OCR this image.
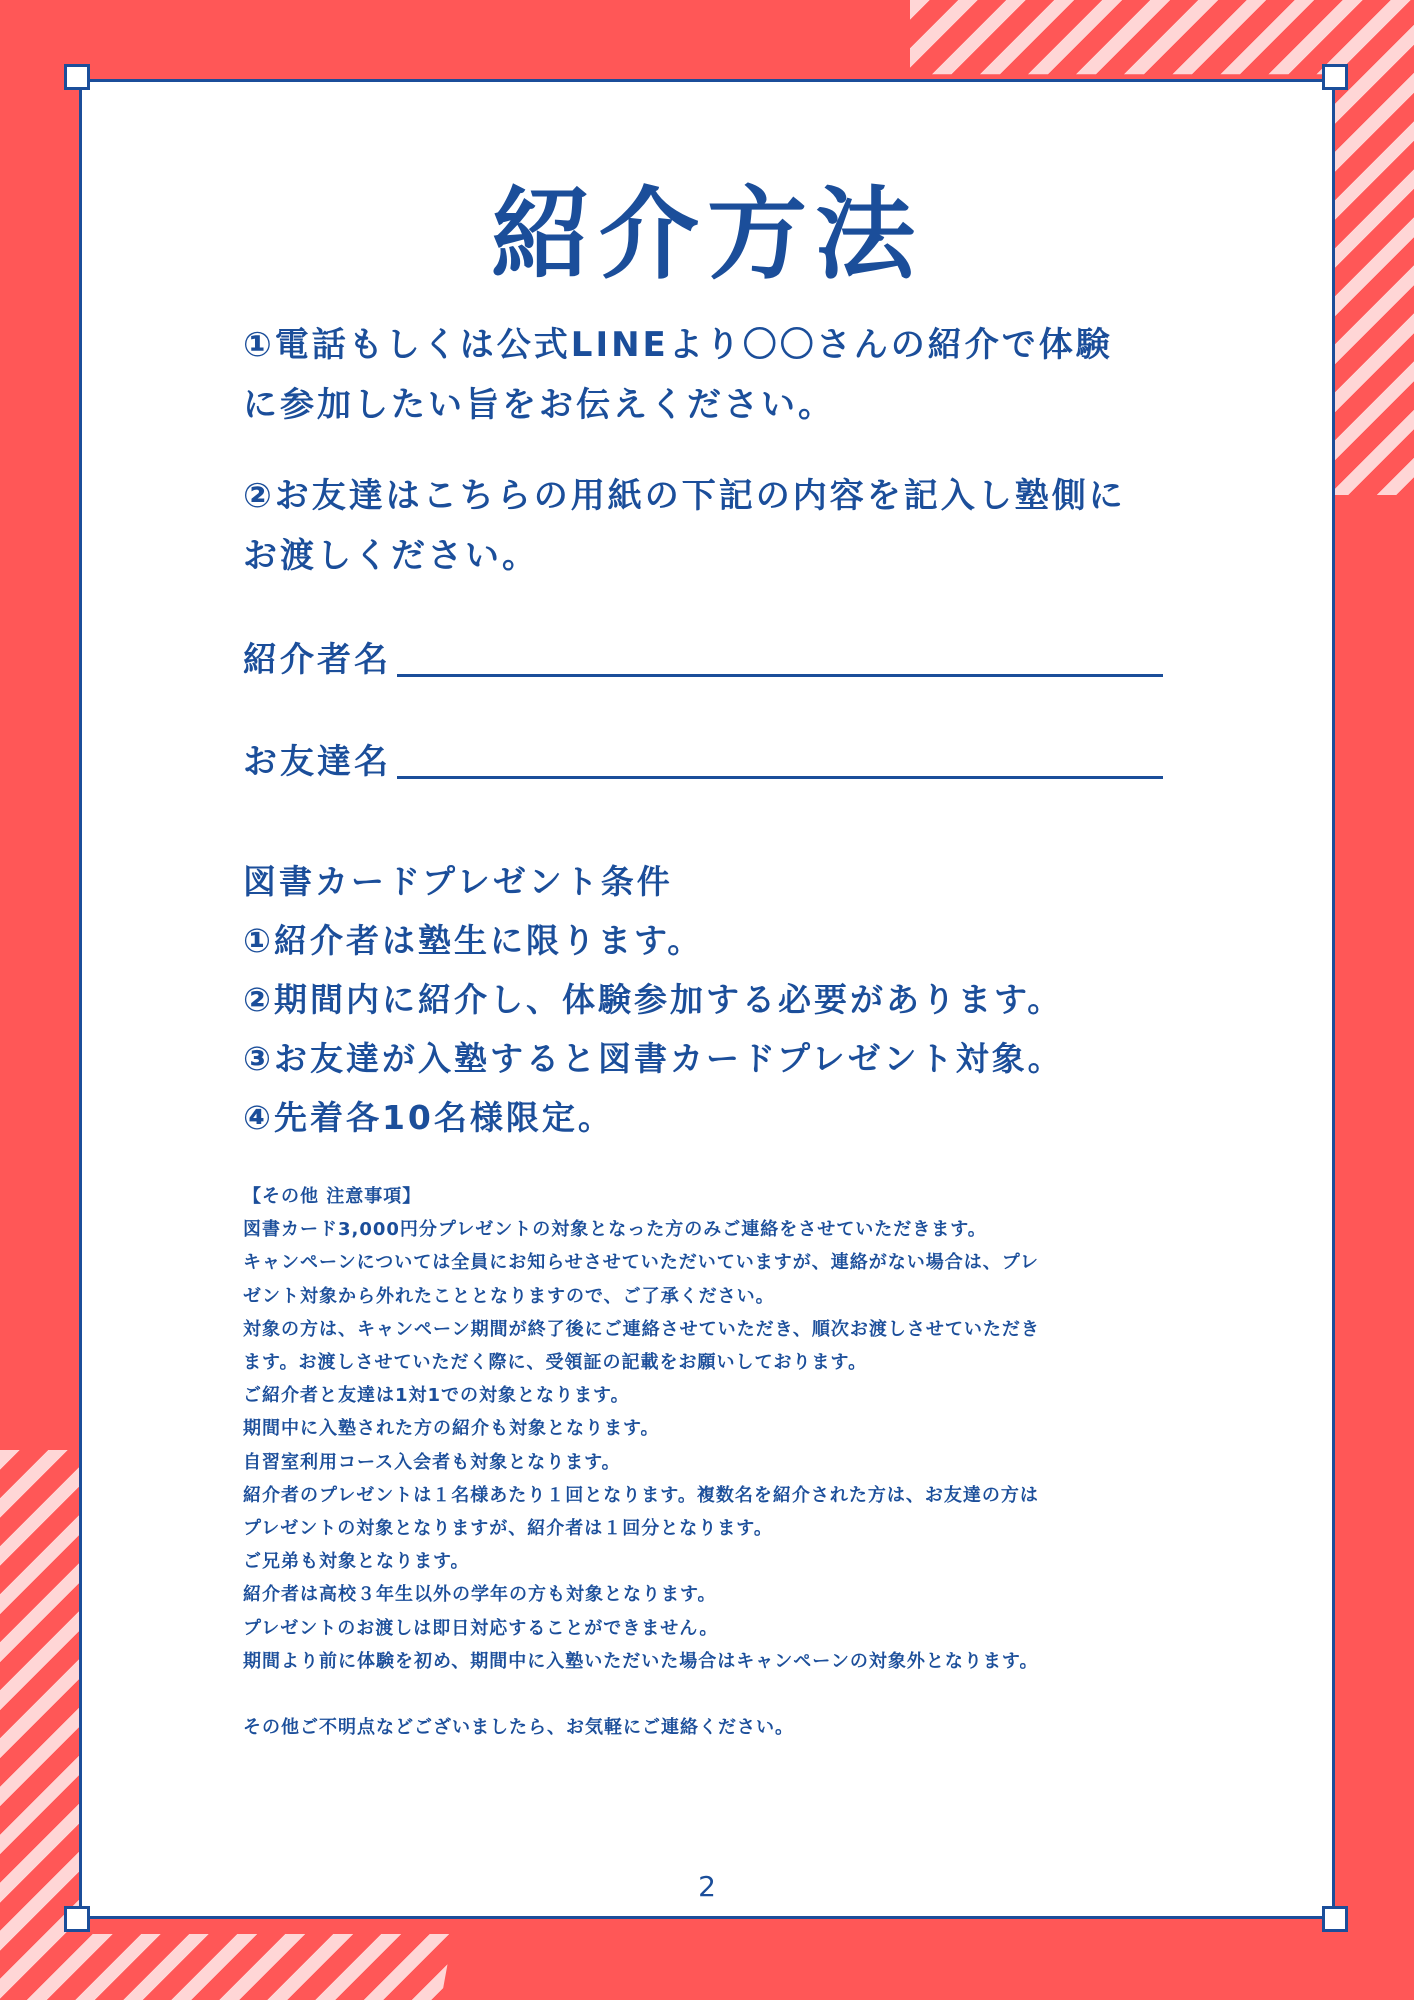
紹介方法
①電話もしくは公式LINEより〇〇さんの紹介で体験
に参加したい旨をお伝えください。
②お友達はこちらの用紙の下記の内容を記入し塾側に
お渡しください。
紹介者名
お友達名
図書カードプレゼント条件
①紹介者は塾生に限ります。
②期間内に紹介し、体験参加する必要があります。
③お友達が入塾すると図書カードプレゼント対象。
④先着各10名様限定。
【その他 注意事項】
図書カード3,000円分プレゼントの対象となった方のみご連絡をさせていただきます。
キャンペーンについては全員にお知らせさせていただいていますが、連絡がない場合は、プレ
ゼント対象から外れたこととなりますので、ご了承ください。
対象の方は、キャンペーン期間が終了後にご連絡させていただき、順次お渡しさせていただき
ます。お渡しさせていただく際に、受領証の記載をお願いしております。
ご紹介者と友達は1対1での対象となります。
期間中に入塾された方の紹介も対象となります。
自習室利用コース入会者も対象となります。
紹介者のプレゼントは１名様あたり１回となります。複数名を紹介された方は、お友達の方は
プレゼントの対象となりますが、紹介者は１回分となります。
ご兄弟も対象となります。
紹介者は高校３年生以外の学年の方も対象となります。
プレゼントのお渡しは即日対応することができません。
期間より前に体験を初め、期間中に入塾いただいた場合はキャンペーンの対象外となります。
その他ご不明点などございましたら、お気軽にご連絡ください。
2
